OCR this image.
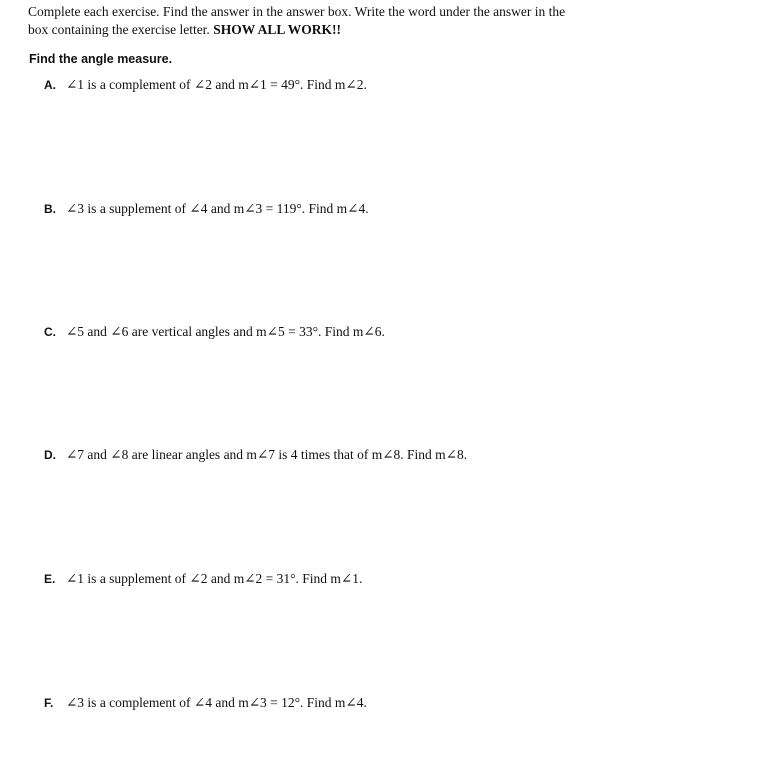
Complete each exercise. Find the answer in the answer box. Write the word under the answer in the
box containing the exercise letter. SHOW ALL WORK!!
Find the angle measure.
A. ∠1 is a complement of ∠2 and m∠1 = 49°. Find m∠2.
B. ∠3 is a supplement of ∠4 and m∠3 = 119°. Find m∠4.
C. ∠5 and ∠6 are vertical angles and m∠5 = 33°. Find m∠6.
D. ∠7 and ∠8 are linear angles and m∠7 is 4 times that of m∠8. Find m∠8.
E. ∠1 is a supplement of ∠2 and m∠2 = 31°. Find m∠1.
F. ∠3 is a complement of ∠4 and m∠3 = 12°. Find m∠4.
